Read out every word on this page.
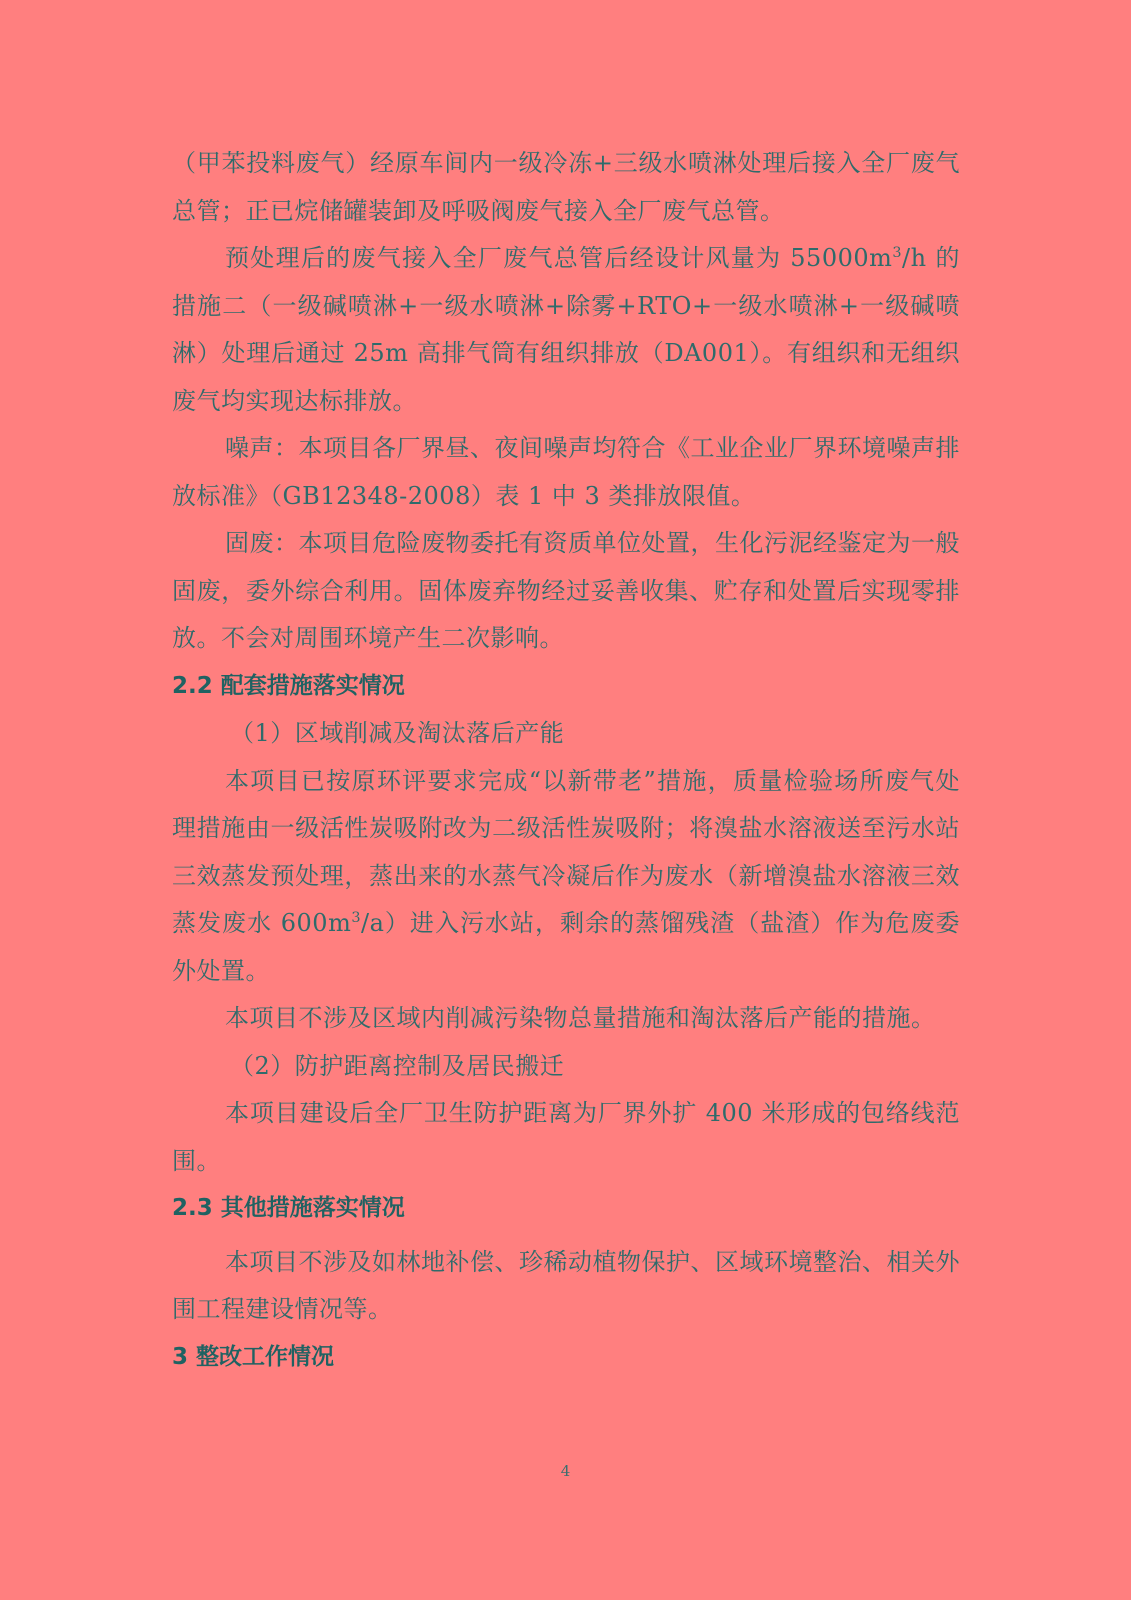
（甲苯投料废气）经原车间内一级冷冻+三级水喷淋处理后接入全厂废气总管；正已烷储罐装卸及呼吸阀废气接入全厂废气总管。

预处理后的废气接入全厂废气总管后经设计风量为 $55000m^3/h$ 的措施二（一级碱喷淋+一级水喷淋+除雾+RTO+一级水喷淋+一级碱喷淋）处理后通过 25m 高排气筒有组织排放（DA001）。有组织和无组织废气均实现达标排放。

噪声：本项目各厂界昼、夜间噪声均符合《工业企业厂界环境噪声排放标准》（GB12348-2008）表 1 中 3 类排放限值。

固废：本项目危险废物委托有资质单位处置，生化污泥经鉴定为一般固废，委外综合利用。固体废弃物经过妥善收集、贮存和处置后实现零排放。不会对周围环境产生二次影响。

2.2 配套措施落实情况

（1）区域削减及淘汰落后产能

本项目已按原环评要求完成“以新带老”措施，质量检验场所废气处理措施由一级活性炭吸附改为二级活性炭吸附；将溴盐水溶液送至污水站三效蒸发预处理，蒸出来的水蒸气冷凝后作为废水（新增溴盐水溶液三效蒸发废水 $600m^3/a$）进入污水站，剩余的蒸馏残渣（盐渣）作为危废委外处置。

本项目不涉及区域内削减污染物总量措施和淘汰落后产能的措施。

（2）防护距离控制及居民搬迁

本项目建设后全厂卫生防护距离为厂界外扩 400 米形成的包络线范围。

2.3 其他措施落实情况

本项目不涉及如林地补偿、珍稀动植物保护、区域环境整治、相关外围工程建设情况等。

3 整改工作情况
4
